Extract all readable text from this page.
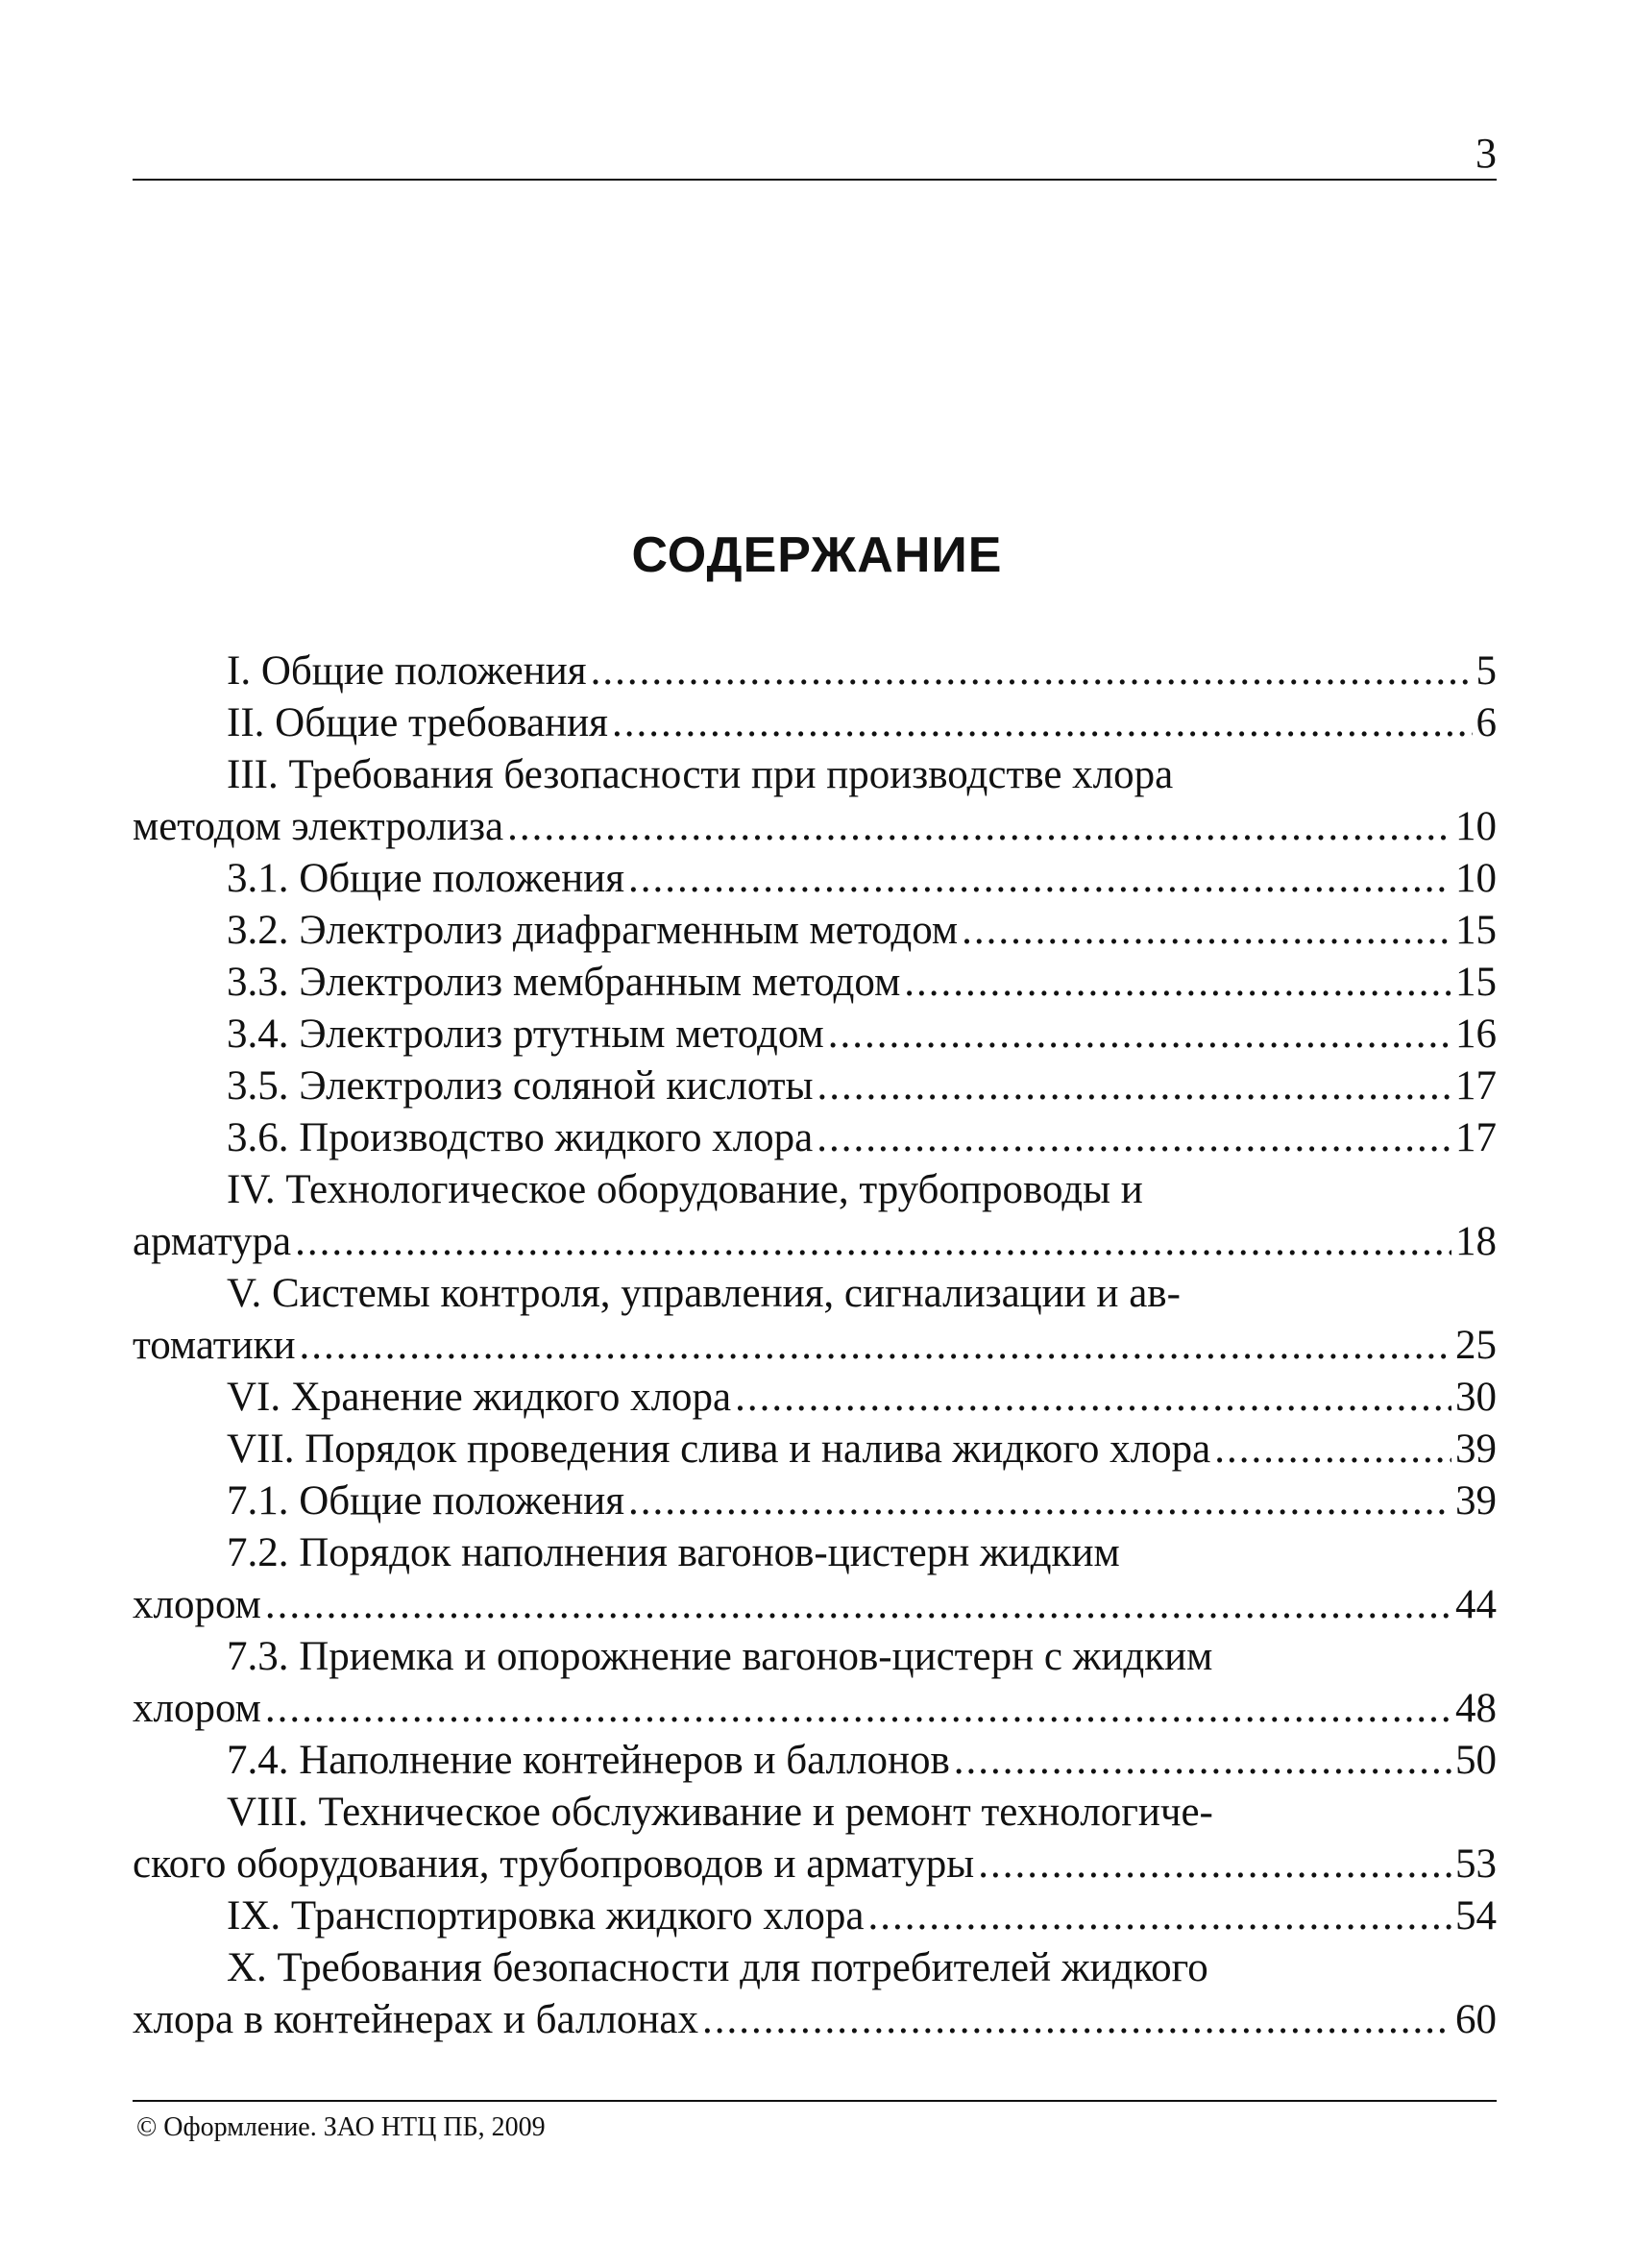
3
СОДЕРЖАНИЕ
I. Общие положения .....	5
II. Общие требования .....	6
III. Требования безопасности при производстве хлора
методом электролиза .....	10
3.1. Общие положения .....	10
3.2. Электролиз диафрагменным методом .....	15
3.3. Электролиз мембранным методом .....	15
3.4. Электролиз ртутным методом .....	16
3.5. Электролиз соляной кислоты .....	17
3.6. Производство жидкого хлора .....	17
IV. Технологическое оборудование, трубопроводы и
арматура .....	18
V. Системы контроля, управления, сигнализации и ав-
томатики .....	25
VI. Хранение жидкого хлора .....	30
VII. Порядок проведения слива и налива жидкого хлора .....	39
7.1. Общие положения .....	39
7.2. Порядок наполнения вагонов-цистерн жидким
хлором .....	44
7.3. Приемка и опорожнение вагонов-цистерн с жидким
хлором .....	48
7.4. Наполнение контейнеров и баллонов .....	50
VIII. Техническое обслуживание и ремонт технологиче-
ского оборудования, трубопроводов и арматуры .....	53
IX. Транспортировка жидкого хлора .....	54
X. Требования безопасности для потребителей жидкого
хлора в контейнерах и баллонах .....	60
© Оформление. ЗАО НТЦ ПБ, 2009
